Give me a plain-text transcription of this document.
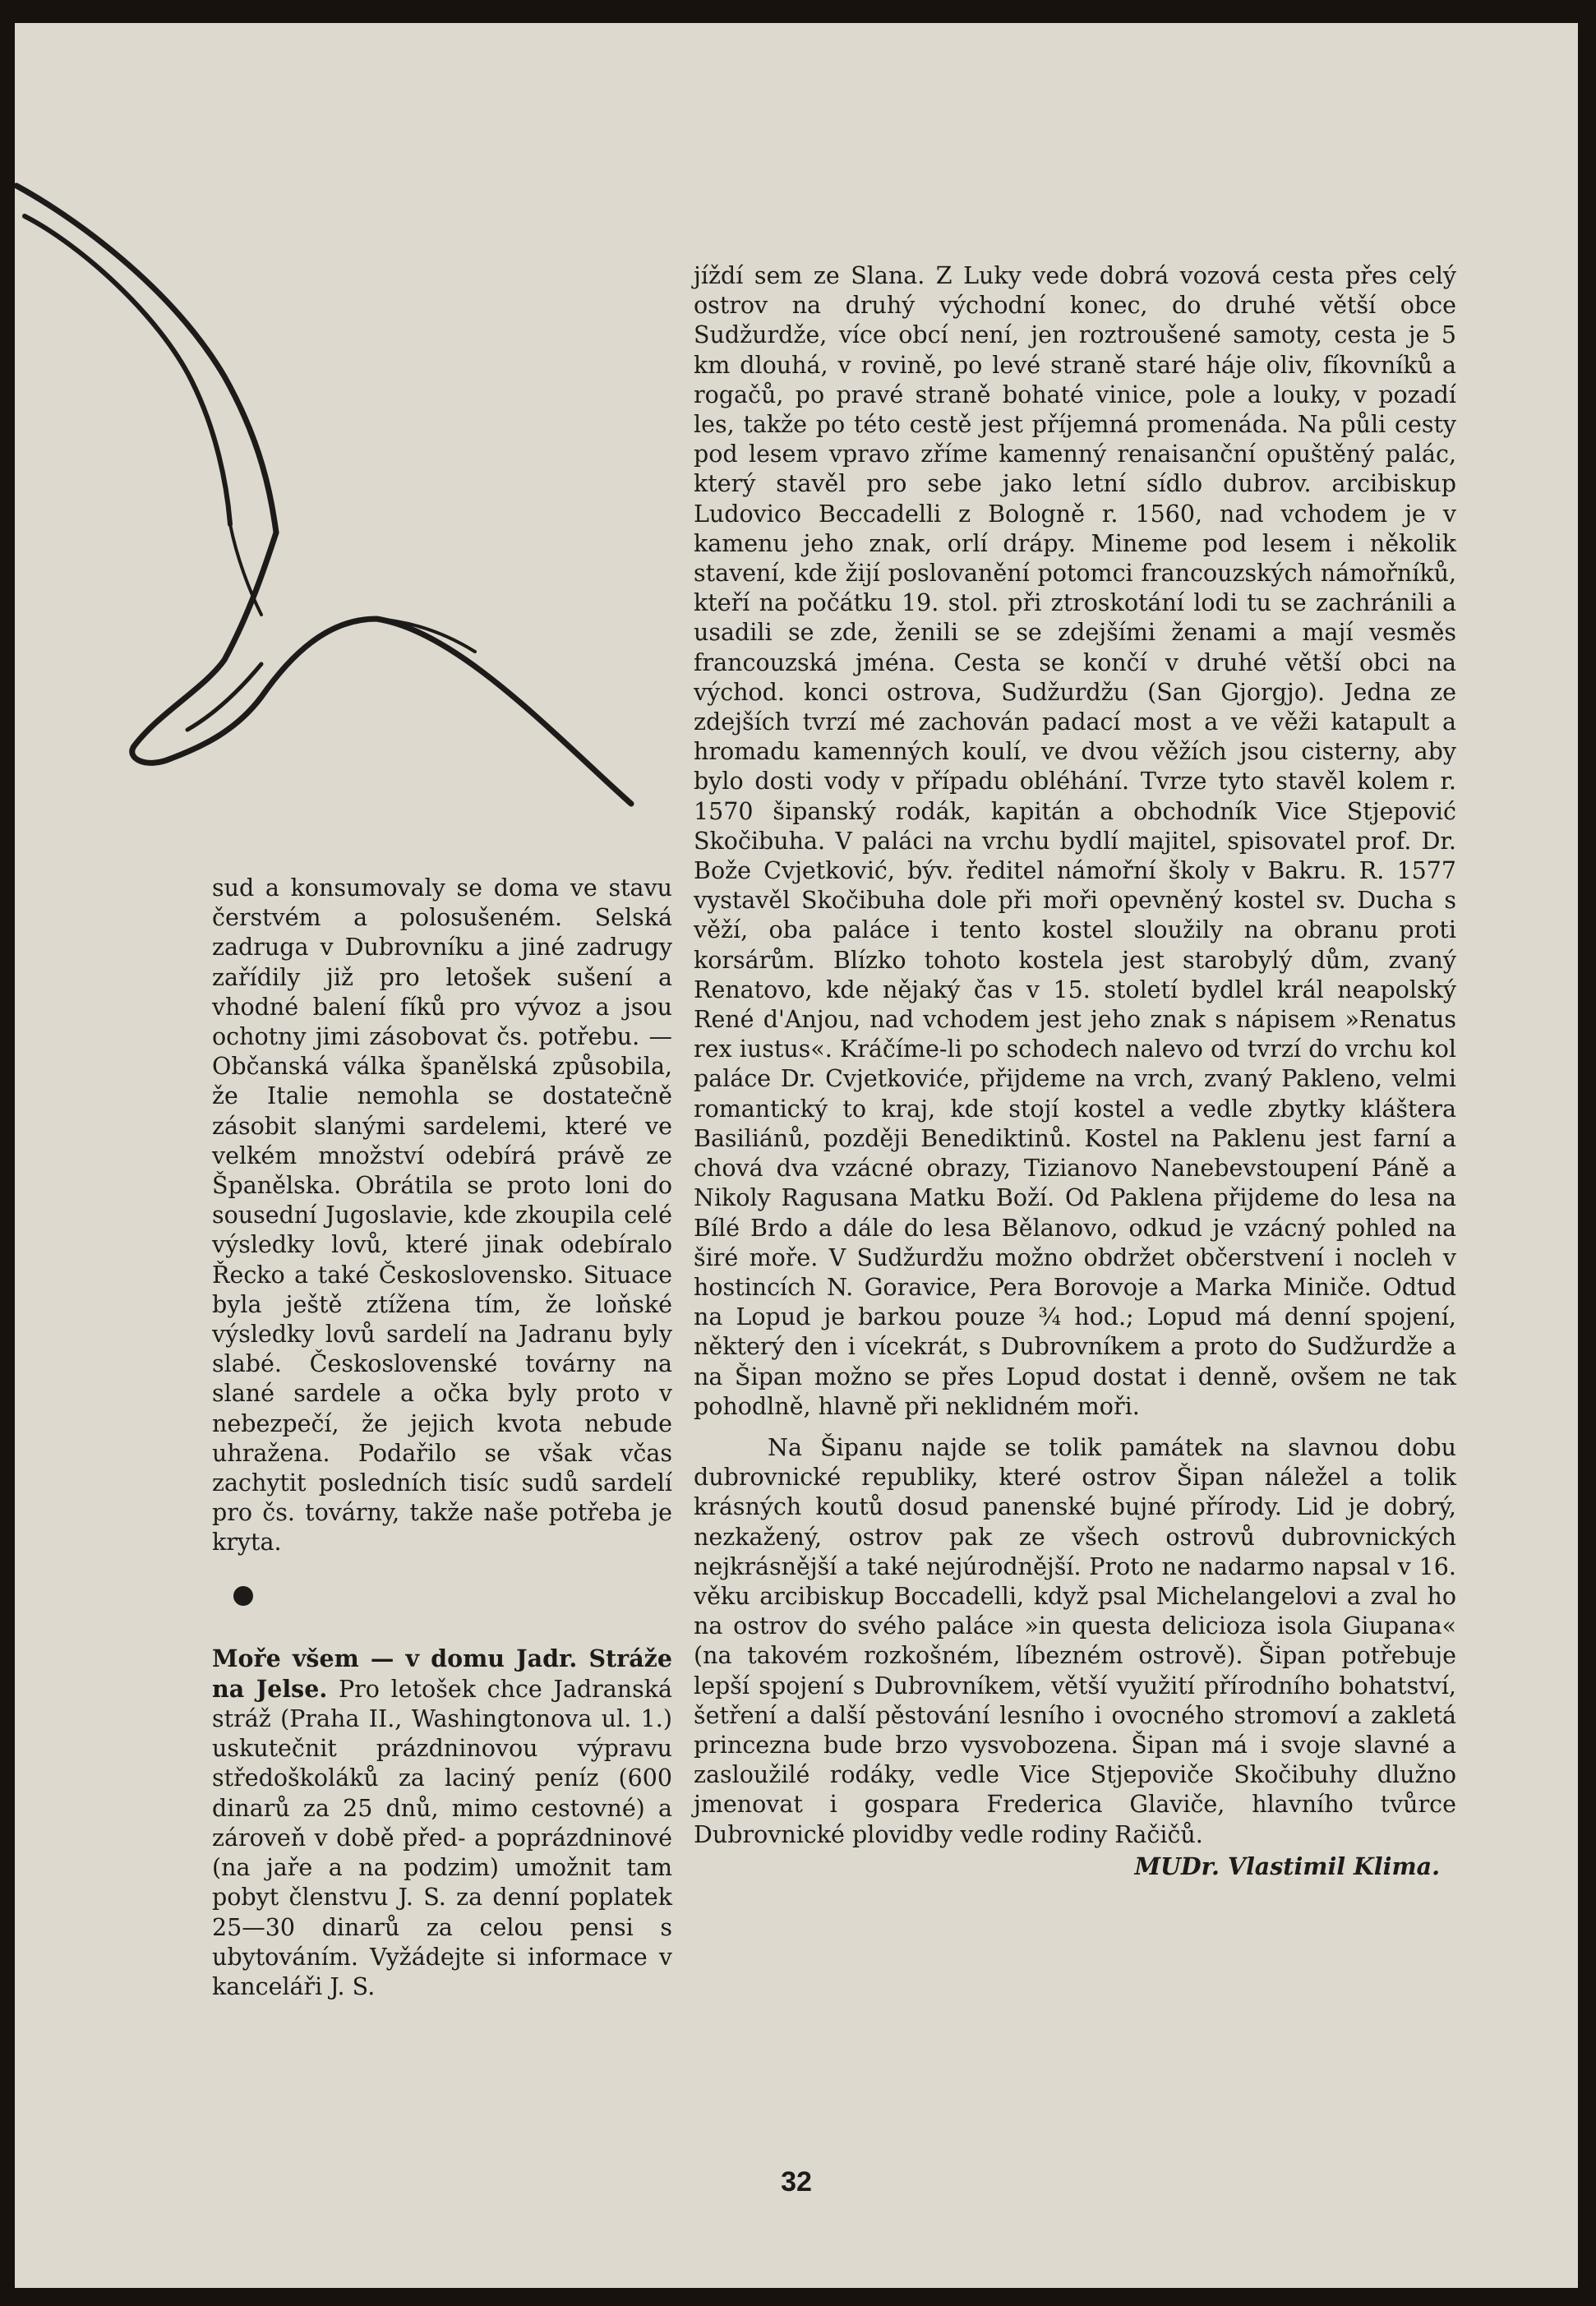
sud a konsumovaly se doma ve stavu čerstvém a polosušeném. Selská zadruga v Dubrovníku a jiné zadrugy zařídily již pro letošek sušení a vhodné balení fíků pro vývoz a jsou ochotny jimi zásobovat čs. potřebu. — Občanská válka španělská způsobila, že Italie nemohla se dostatečně zásobit slanými sardelemi, které ve velkém množství odebírá právě ze Španělska. Obrátila se proto loni do sousední Jugoslavie, kde zkoupila celé výsledky lovů, které jinak odebíralo Řecko a také Československo. Situace byla ještě ztížena tím, že loňské výsledky lovů sardelí na Jadranu byly slabé. Československé továrny na slané sardele a očka byly proto v nebezpečí, že jejich kvota nebude uhražena. Podařilo se však včas zachytit posledních tisíc sudů sardelí pro čs. továrny, takže naše potřeba je kryta.

Moře všem — v domu Jadr. Stráže na Jelse. Pro letošek chce Jadranská stráž (Praha II., Washingtonova ul. 1.) uskutečnit prázdninovou výpravu středoškoláků za laciný peníz (600 dinarů za 25 dnů, mimo cestovné) a zároveň v době před- a poprázdninové (na jaře a na podzim) umožnit tam pobyt členstvu J. S. za denní poplatek 25—30 dinarů za celou pensi s ubytováním. Vyžádejte si informace v kanceláři J. S.

jíždí sem ze Slana. Z Luky vede dobrá vozová cesta přes celý ostrov na druhý východní konec, do druhé větší obce Sudžurdže, více obcí není, jen roztroušené samoty, cesta je 5 km dlouhá, v rovině, po levé straně staré háje oliv, fíkovníků a rogačů, po pravé straně bohaté vinice, pole a louky, v pozadí les, takže po této cestě jest příjemná promenáda. Na půli cesty pod lesem vpravo zříme kamenný renaisanční opuštěný palác, který stavěl pro sebe jako letní sídlo dubrov. arcibiskup Ludovico Beccadelli z Bologně r. 1560, nad vchodem je v kamenu jeho znak, orlí drápy. Mineme pod lesem i několik stavení, kde žijí poslovanění potomci francouzských námořníků, kteří na počátku 19. stol. při ztroskotání lodi tu se zachránili a usadili se zde, ženili se se zdejšími ženami a mají vesměs francouzská jména. Cesta se končí v druhé větší obci na východ. konci ostrova, Sudžurdžu (San Gjorgjo). Jedna ze zdejších tvrzí mé zachován padací most a ve věži katapult a hromadu kamenných koulí, ve dvou věžích jsou cisterny, aby bylo dosti vody v případu obléhání. Tvrze tyto stavěl kolem r. 1570 šipanský rodák, kapitán a obchodník Vice Stjepović Skočibuha. V paláci na vrchu bydlí majitel, spisovatel prof. Dr. Bože Cvjetković, býv. ředitel námořní školy v Bakru. R. 1577 vystavěl Skočibuha dole při moři opevněný kostel sv. Ducha s věží, oba paláce i tento kostel sloužily na obranu proti korsárům. Blízko tohoto kostela jest starobylý dům, zvaný Renatovo, kde nějaký čas v 15. století bydlel král neapolský René d'Anjou, nad vchodem jest jeho znak s nápisem »Renatus rex iustus«. Kráčíme-li po schodech nalevo od tvrzí do vrchu kol paláce Dr. Cvjetkoviće, přijdeme na vrch, zvaný Pakleno, velmi romantický to kraj, kde stojí kostel a vedle zbytky kláštera Basiliánů, později Benediktinů. Kostel na Paklenu jest farní a chová dva vzácné obrazy, Tizianovo Nanebevstoupení Páně a Nikoly Ragusana Matku Boží. Od Paklena přijdeme do lesa na Bílé Brdo a dále do lesa Bělanovo, odkud je vzácný pohled na širé moře. V Sudžurdžu možno obdržet občerstvení i nocleh v hostincích N. Goravice, Pera Borovoje a Marka Miniče. Odtud na Lopud je barkou pouze ¾ hod.; Lopud má denní spojení, některý den i vícekrát, s Dubrovníkem a proto do Sudžurdže a na Šipan možno se přes Lopud dostat i denně, ovšem ne tak pohodlně, hlavně při neklidném moři.

Na Šipanu najde se tolik památek na slavnou dobu dubrovnické republiky, které ostrov Šipan náležel a tolik krásných koutů dosud panenské bujné přírody. Lid je dobrý, nezkažený, ostrov pak ze všech ostrovů dubrovnických nejkrásnější a také nejúrodnější. Proto ne nadarmo napsal v 16. věku arcibiskup Boccadelli, když psal Michelangelovi a zval ho na ostrov do svého paláce »in questa delicioza isola Giupana« (na takovém rozkošném, líbezném ostrově). Šipan potřebuje lepší spojení s Dubrovníkem, větší využití přírodního bohatství, šetření a další pěstování lesního i ovocného stromoví a zakletá princezna bude brzo vysvobozena. Šipan má i svoje slavné a zasloužilé rodáky, vedle Vice Stjepoviče Skočibuhy dlužno jmenovat i gospara Frederica Glaviče, hlavního tvůrce Dubrovnické plovidby vedle rodiny Račičů.

MUDr. Vlastimil Klima.
32
